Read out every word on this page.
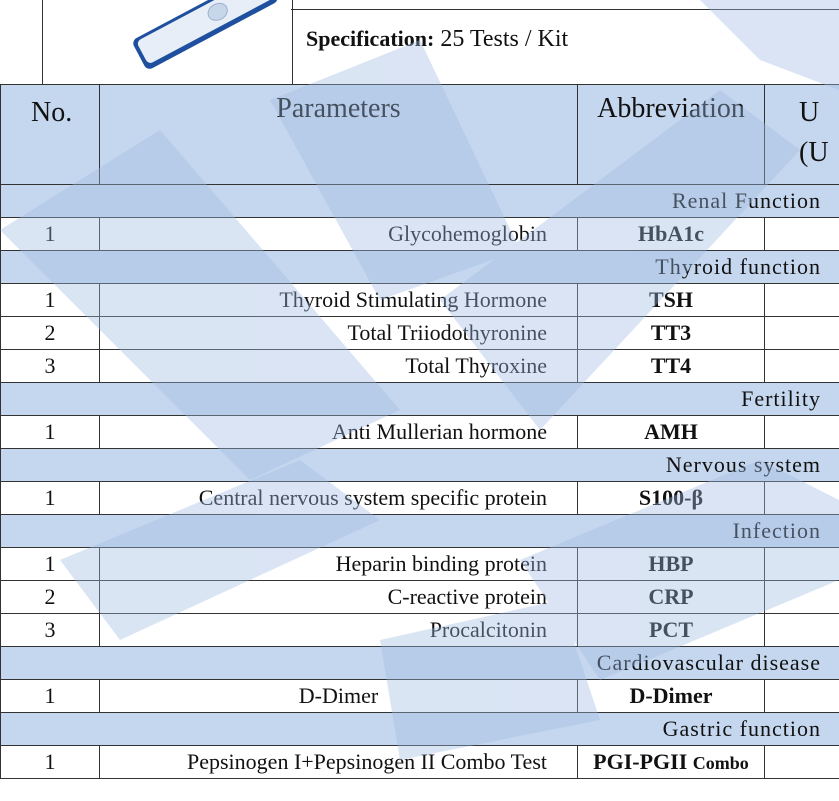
Specification: 25 Tests / Kit
No.	Parameters	Abbreviation	U
(U
Renal Function			
1	Glycohemoglobin	HbA1c	
Thyroid function			
1	Thyroid Stimulating Hormone	TSH	
2	Total Triiodothyronine	TT3	
3	Total Thyroxine	TT4	
Fertility			
1	Anti Mullerian hormone	AMH	
Nervous system			
1	Central nervous system specific protein	S100-β	
Infection			
1	Heparin binding protein	HBP	
2	C-reactive protein	CRP	
3	Procalcitonin	PCT	
Cardiovascular disease			
1	D-Dimer	D-Dimer	
Gastric function			
1	Pepsinogen I+Pepsinogen II Combo Test	PGI-PGII Combo	
